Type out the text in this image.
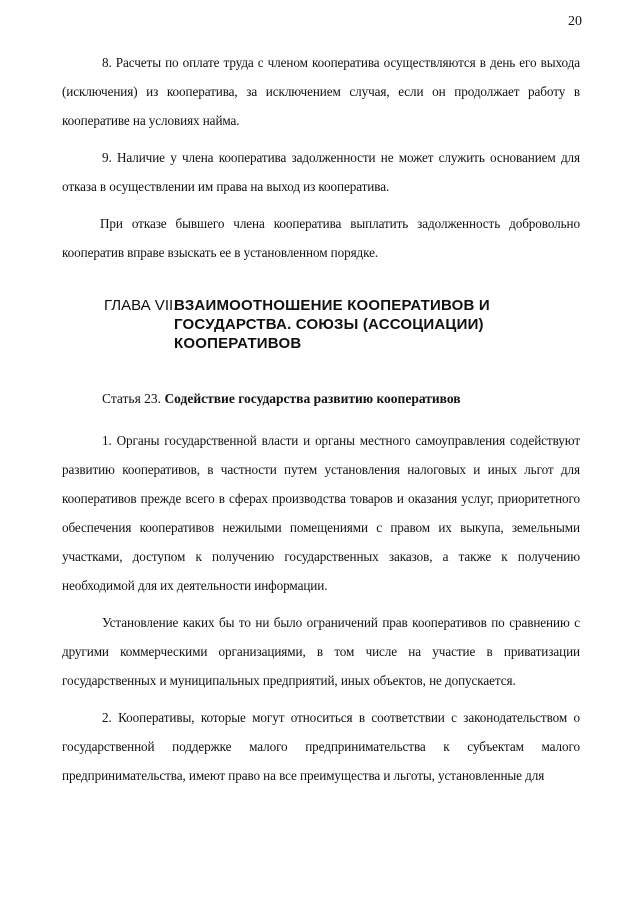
20

8. Расчеты по оплате труда с членом кооператива осуществляются в день его выхода (исключения) из кооператива, за исключением случая, если он продолжает работу в кооперативе на условиях найма.

9. Наличие у члена кооператива задолженности не может служить основанием для отказа в осуществлении им права на выход из кооператива.

При отказе бывшего члена кооператива выплатить задолженность добровольно кооператив вправе взыскать ее в установленном порядке.

ГЛАВА VII.
ВЗАИМООТНОШЕНИЕ КООПЕРАТИВОВ И ГОСУДАРСТВА. СОЮЗЫ (АССОЦИАЦИИ) КООПЕРАТИВОВ
Статья 23. Содействие государства развитию кооперативов

1. Органы государственной власти и органы местного самоуправления содействуют развитию кооперативов, в частности путем установления налоговых и иных льгот для кооперативов прежде всего в сферах производства товаров и оказания услуг, приоритетного обеспечения кооперативов нежилыми помещениями с правом их выкупа, земельными участками, доступом к получению государственных заказов, а также к получению необходимой для их деятельности информации.

Установление каких бы то ни было ограничений прав кооперативов по сравнению с другими коммерческими организациями, в том числе на участие в приватизации государственных и муниципальных предприятий, иных объектов, не допускается.

2. Кооперативы, которые могут относиться в соответствии с законодательством о государственной поддержке малого предпринимательства к субъектам малого предпринимательства, имеют право на все преимущества и льготы, установленные для
